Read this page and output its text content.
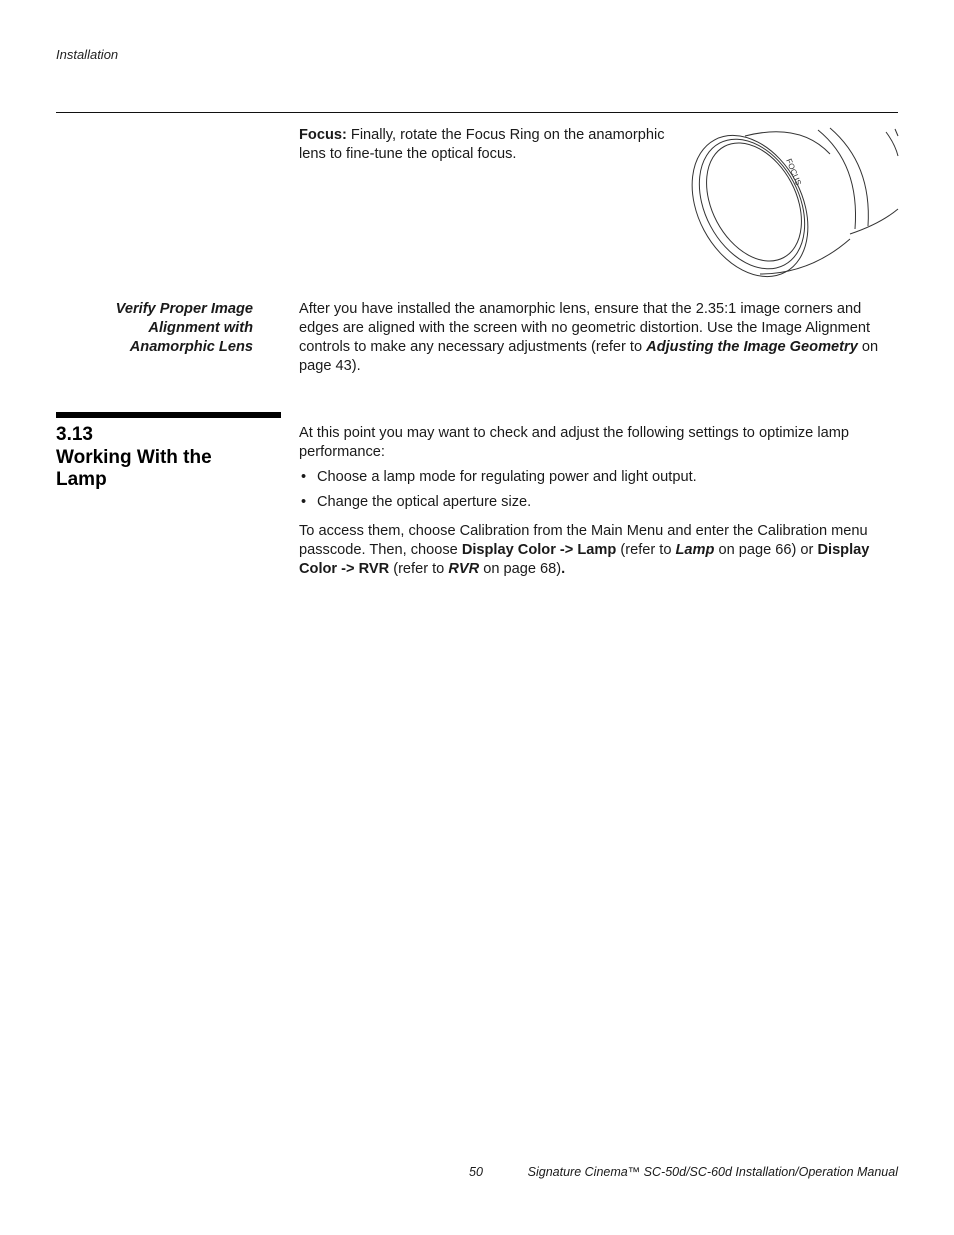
Installation
Focus: Finally, rotate the Focus Ring on the anamorphic lens to fine-tune the optical focus.
FOCUS
Verify Proper Image
Alignment with
Anamorphic Lens
After you have installed the anamorphic lens, ensure that the 2.35:1 image corners and edges are aligned with the screen with no geometric distortion. Use the Image Alignment controls to make any necessary adjustments (refer to Adjusting the Image Geometry on page 43).
3.13
Working With the
Lamp

At this point you may want to check and adjust the following settings to optimize lamp performance:

• Choose a lamp mode for regulating power and light output.
• Change the optical aperture size.

To access them, choose Calibration from the Main Menu and enter the Calibration menu passcode. Then, choose Display Color -> Lamp (refer to Lamp on page 66) or Display Color -> RVR (refer to RVR on page 68).

50	Signature Cinema™ SC-50d/SC-60d Installation/Operation Manual
